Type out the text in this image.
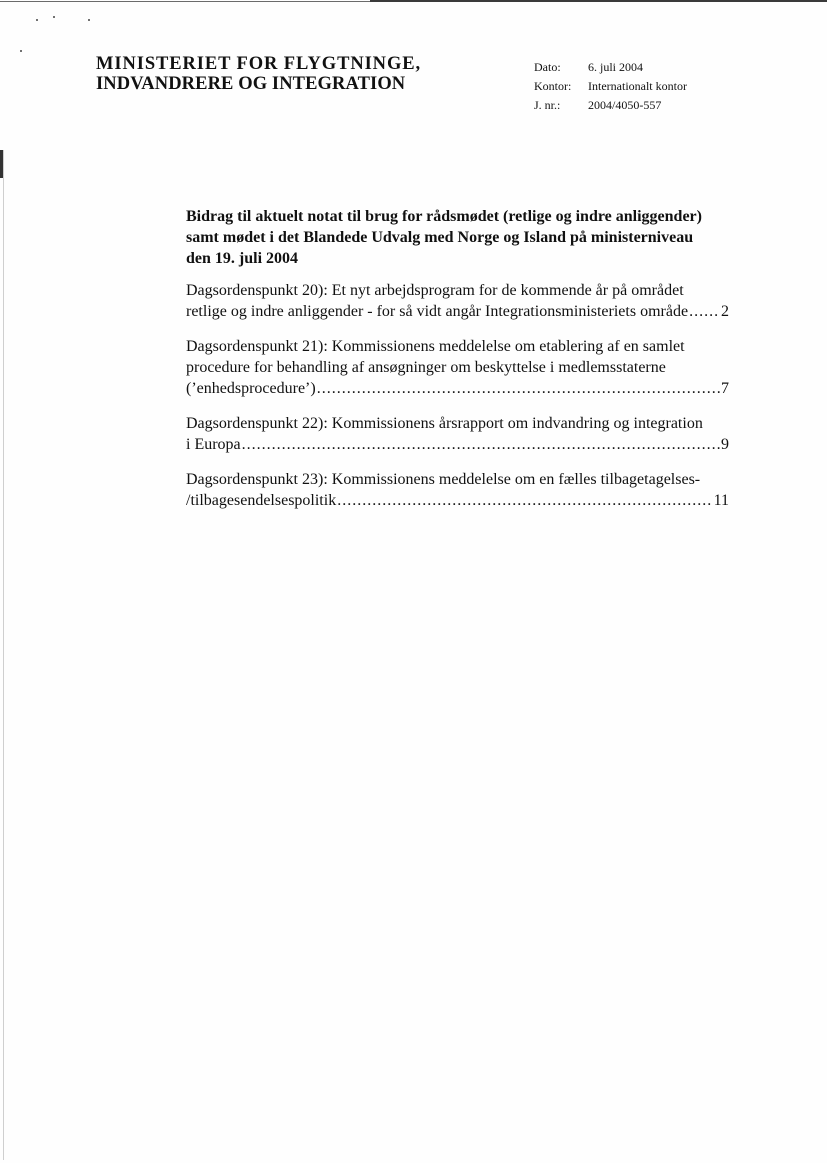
MINISTERIET FOR FLYGTNINGE,
INDVANDRERE OG INTEGRATION
Dato:	6. juli 2004
Kontor:	Internationalt kontor
J. nr.:	2004/4050-557
Bidrag til aktuelt notat til brug for rådsmødet (retlige og indre anliggender)
samt mødet i det Blandede Udvalg med Norge og Island på ministerniveau
den 19. juli 2004
Dagsordenspunkt 20): Et nyt arbejdsprogram for de kommende år på området
retlige og indre anliggender - for så vidt angår Integrationsministeriets område ..... 2
Dagsordenspunkt 21): Kommissionens meddelelse om etablering af en samlet
procedure for behandling af ansøgninger om beskyttelse i medlemsstaterne
(’enhedsprocedure’) .....	7
Dagsordenspunkt 22): Kommissionens årsrapport om indvandring og integration
i Europa .....	9
Dagsordenspunkt 23): Kommissionens meddelelse om en fælles tilbagetagelses-
/tilbagesendelsespolitik .....	11
